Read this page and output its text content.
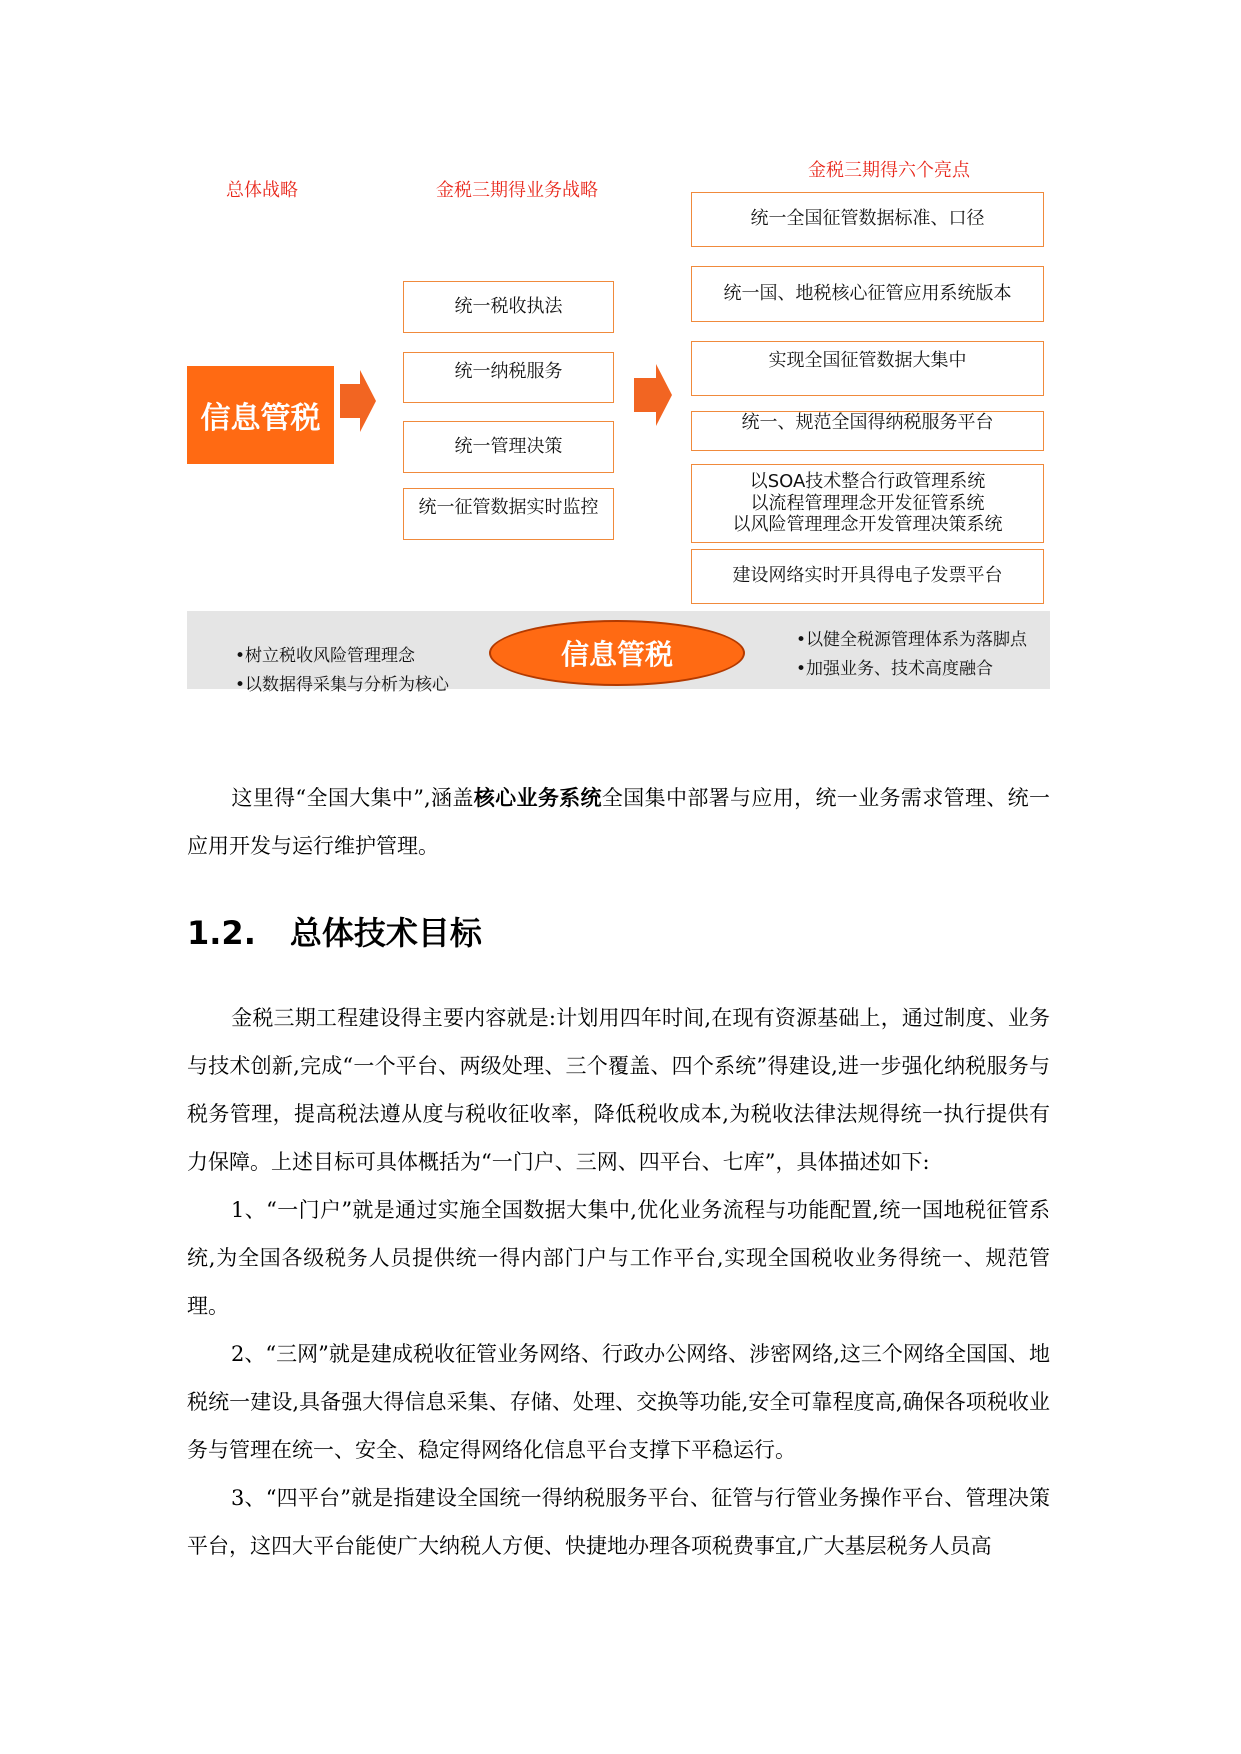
总体战略	金税三期得业务战略
金税三期得六个亮点
信息管税
统一税收执法
统一纳税服务
统一管理决策
统一征管数据实时监控
统一全国征管数据标准、口径
统一国、地税核心征管应用系统版本
实现全国征管数据大集中
统一、规范全国得纳税服务平台
以SOA技术整合行政管理系统
以流程管理理念开发征管系统
以风险管理理念开发管理决策系统
建设网络实时开具得电子发票平台
•树立税收风险管理理念
•以数据得采集与分析为核心
信息管税	•以健全税源管理体系为落脚点
•加强业务、技术高度融合
这里得“全国大集中”,涵盖核心业务系统全国集中部署与应用，统一业务需求管理、统一应用开发与运行维护管理。
1.2. 总体技术目标
金税三期工程建设得主要内容就是:计划用四年时间,在现有资源基础上，通过制度、业务与技术创新,完成“一个平台、两级处理、三个覆盖、四个系统”得建设,进一步强化纳税服务与税务管理，提高税法遵从度与税收征收率，降低税收成本,为税收法律法规得统一执行提供有力保障。上述目标可具体概括为“一门户、三网、四平台、七库”，具体描述如下:
1、“一门户”就是通过实施全国数据大集中,优化业务流程与功能配置,统一国地税征管系统,为全国各级税务人员提供统一得内部门户与工作平台,实现全国税收业务得统一、规范管理。
2、“三网”就是建成税收征管业务网络、行政办公网络、涉密网络,这三个网络全国国、地税统一建设,具备强大得信息采集、存储、处理、交换等功能,安全可靠程度高,确保各项税收业务与管理在统一、安全、稳定得网络化信息平台支撑下平稳运行。
3、“四平台”就是指建设全国统一得纳税服务平台、征管与行管业务操作平台、管理决策平台，这四大平台能使广大纳税人方便、快捷地办理各项税费事宜,广大基层税务人员高
